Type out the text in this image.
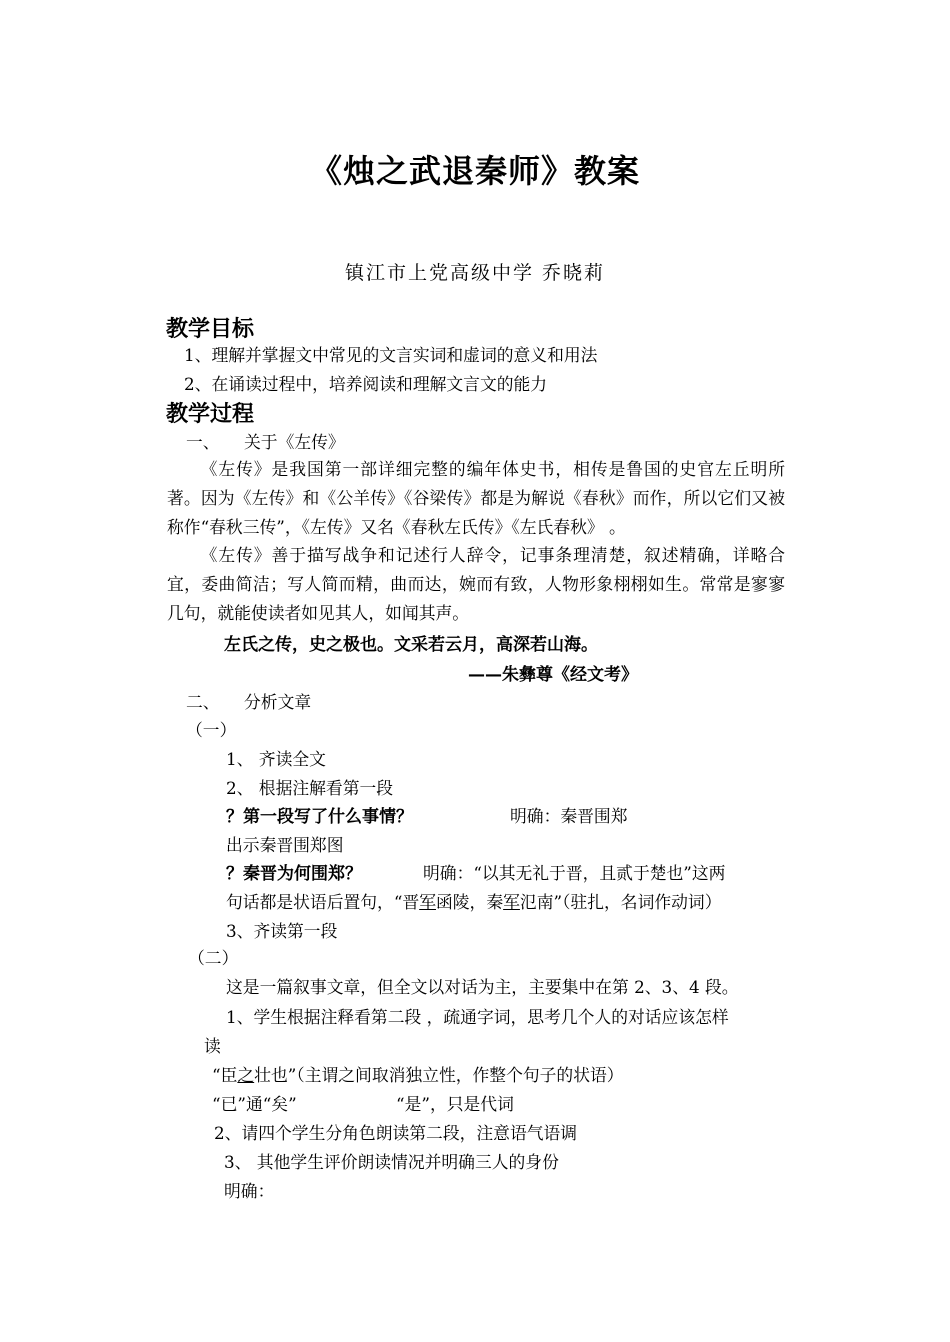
《烛之武退秦师》教案
镇江市上党高级中学 乔晓莉
教学目标
1、理解并掌握文中常见的文言实词和虚词的意义和用法
2、在诵读过程中，培养阅读和理解文言文的能力
教学过程
一、 关于《左传》
《左传》是我国第一部详细完整的编年体史书，相传是鲁国的史官左丘明所著。因为《左传》和《公羊传》《谷梁传》都是为解说《春秋》而作，所以它们又被称作“春秋三传”，《左传》又名《春秋左氏传》《左氏春秋》 。
《左传》善于描写战争和记述行人辞令，记事条理清楚，叙述精确，详略合宜，委曲简洁；写人简而精，曲而达，婉而有致，人物形象栩栩如生。常常是寥寥几句，就能使读者如见其人，如闻其声。
左氏之传，史之极也。文采若云月，高深若山海。
——朱彝尊《经文考》
二、 分析文章
（一）
1、 齐读全文
2、 根据注解看第一段
？第一段写了什么事情？	明确：秦晋围郑
出示秦晋围郑图
？秦晋为何围郑？	明确：“以其无礼于晋，且贰于楚也”这两
句话都是状语后置句，“晋军函陵，秦军氾南”（驻扎，名词作动词）
3、齐读第一段
（二）
这是一篇叙事文章，但全文以对话为主，主要集中在第 2、3、4 段。
1、学生根据注释看第二段 ，疏通字词，思考几个人的对话应该怎样
读
“臣之壮也”（主谓之间取消独立性，作整个句子的状语）
“已”通“矣”	“是”，只是代词
2、请四个学生分角色朗读第二段，注意语气语调
3、 其他学生评价朗读情况并明确三人的身份
明确：
